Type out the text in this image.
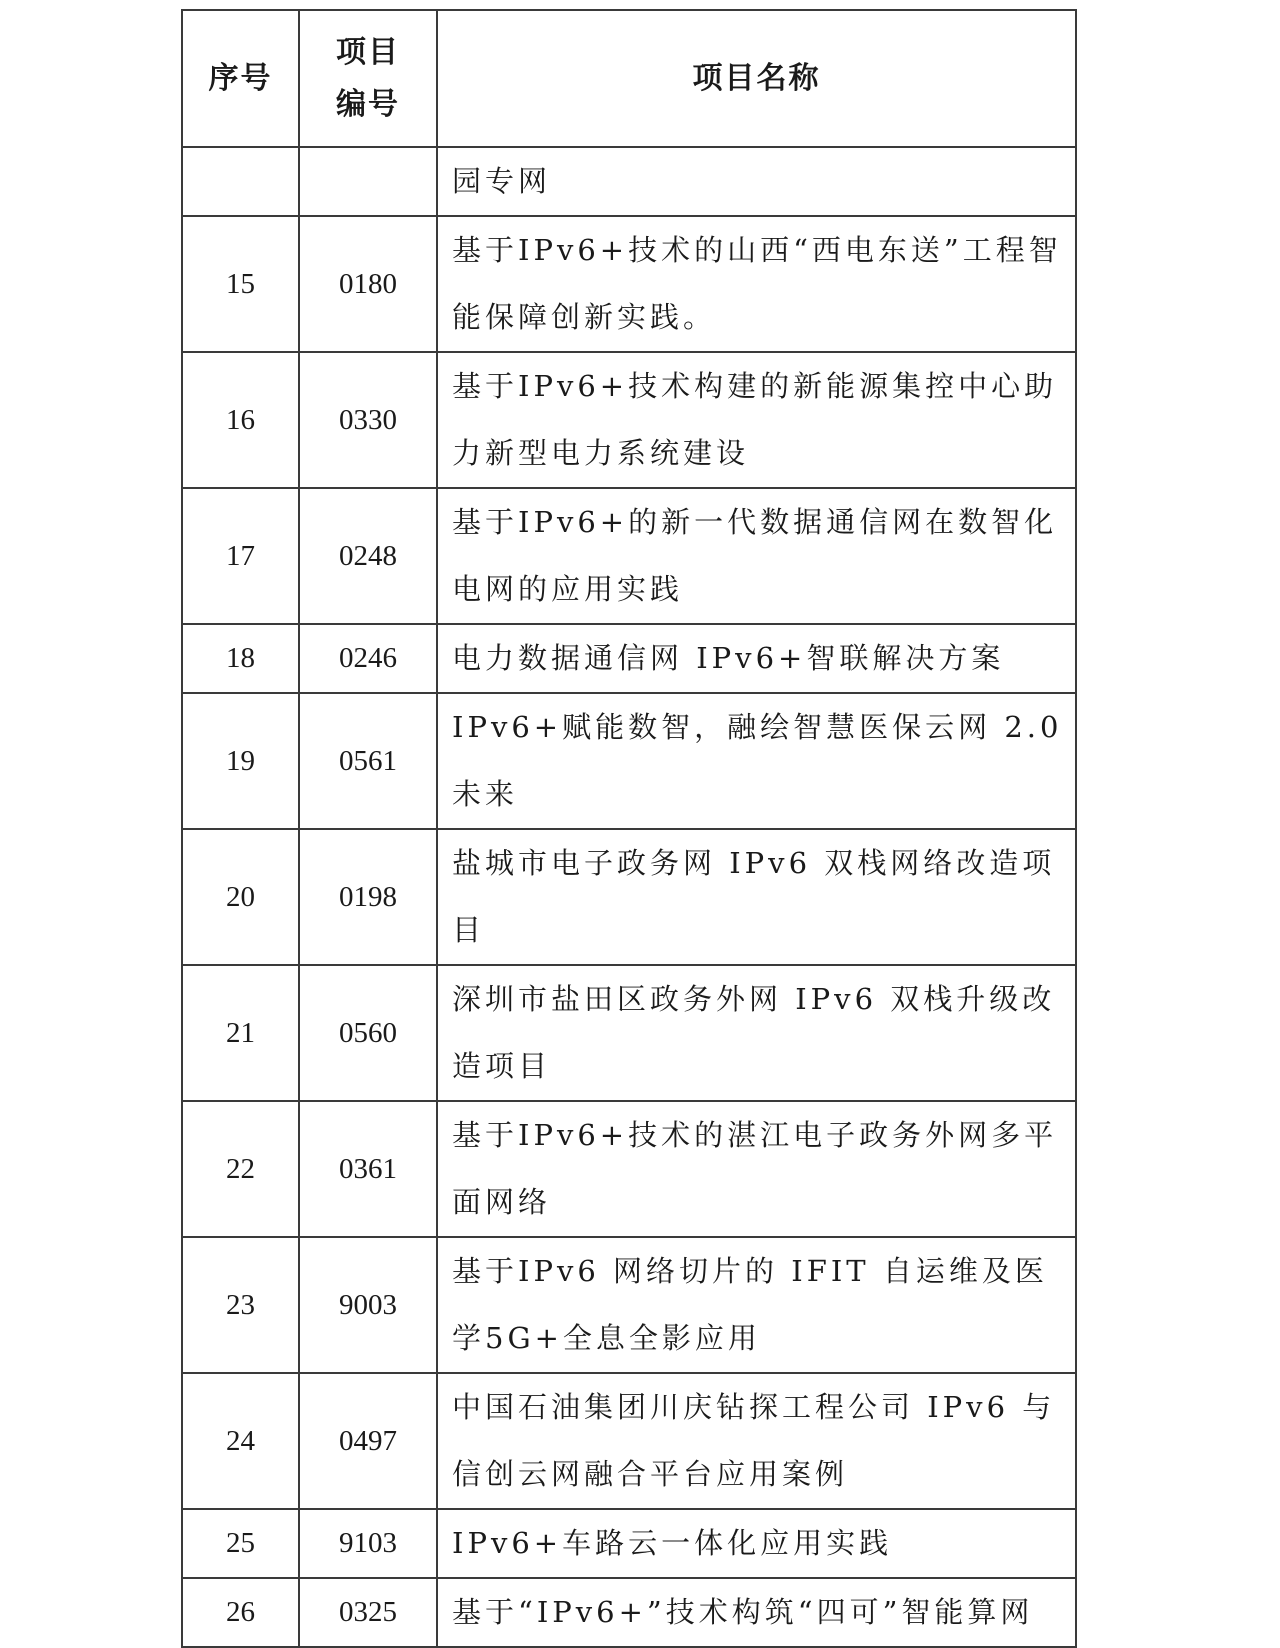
序号	项目编号	项目名称
		园专网
15	0180	基于IPv6+技术的山西“西电东送”工程智能保障创新实践。
16	0330	基于IPv6+技术构建的新能源集控中心助力新型电力系统建设
17	0248	基于IPv6+的新一代数据通信网在数智化电网的应用实践
18	0246	电力数据通信网 IPv6+智联解决方案
19	0561	IPv6+赋能数智，融绘智慧医保云网 2.0 未来
20	0198	盐城市电子政务网 IPv6 双栈网络改造项目
21	0560	深圳市盐田区政务外网 IPv6 双栈升级改造项目
22	0361	基于IPv6+技术的湛江电子政务外网多平面网络
23	9003	基于IPv6 网络切片的 IFIT 自运维及医学5G+全息全影应用
24	0497	中国石油集团川庆钻探工程公司 IPv6 与信创云网融合平台应用案例
25	9103	IPv6+车路云一体化应用实践
26	0325	基于“IPv6+”技术构筑“四可”智能算网
